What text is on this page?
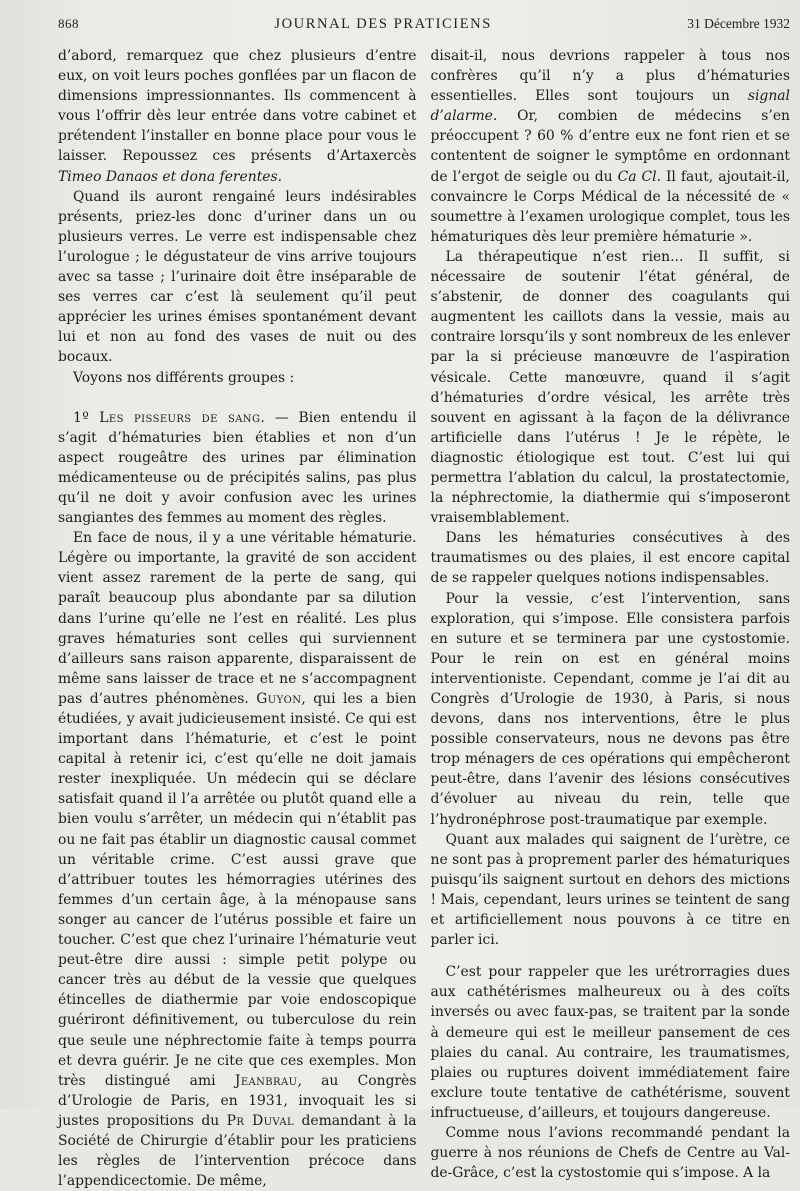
868	JOURNAL DES PRATICIENS	31 Décembre 1932

d’abord, remarquez que chez plusieurs d’entre eux, on voit leurs poches gonflées par un flacon de dimensions impressionnantes. Ils commencent à vous l’offrir dès leur entrée dans votre cabinet et prétendent l’installer en bonne place pour vous le laisser. Repoussez ces présents d’Artaxercès Timeo Danaos et dona ferentes.

Quand ils auront rengainé leurs indésirables présents, priez-les donc d’uriner dans un ou plusieurs verres. Le verre est indispensable chez l’urologue ; le dégustateur de vins arrive toujours avec sa tasse ; l’urinaire doit être inséparable de ses verres car c’est là seulement qu’il peut apprécier les urines émises spontanément devant lui et non au fond des vases de nuit ou des bocaux.

Voyons nos différents groupes :

1º Les pisseurs de sang. — Bien entendu il s’agit d’hématuries bien établies et non d’un aspect rougeâtre des urines par élimination médicamenteuse ou de précipités salins, pas plus qu’il ne doit y avoir confusion avec les urines sangiantes des femmes au moment des règles.

En face de nous, il y a une véritable hématurie. Légère ou importante, la gravité de son accident vient assez rarement de la perte de sang, qui paraît beaucoup plus abondante par sa dilution dans l’urine qu’elle ne l’est en réalité. Les plus graves hématuries sont celles qui surviennent d’ailleurs sans raison apparente, disparaissent de même sans laisser de trace et ne s’accompagnent pas d’autres phénomènes. Guyon, qui les a bien étudiées, y avait judicieusement insisté. Ce qui est important dans l’hématurie, et c’est le point capital à retenir ici, c’est qu’elle ne doit jamais rester inexpliquée. Un médecin qui se déclare satisfait quand il l’a arrêtée ou plutôt quand elle a bien voulu s’arrêter, un médecin qui n’établit pas ou ne fait pas établir un diagnostic causal commet un véritable crime. C’est aussi grave que d’attribuer toutes les hémorragies utérines des femmes d’un certain âge, à la ménopause sans songer au cancer de l’utérus possible et faire un toucher. C’est que chez l’urinaire l’hématurie veut peut-être dire aussi : simple petit polype ou cancer très au début de la vessie que quelques étincelles de diathermie par voie endoscopique guériront définitivement, ou tuberculose du rein que seule une néphrectomie faite à temps pourra et devra guérir. Je ne cite que ces exemples. Mon très distingué ami Jeanbrau, au Congrès d’Urologie de Paris, en 1931, invoquait les si justes propositions du Pr Duval demandant à la Société de Chirurgie d’établir pour les praticiens les règles de l’intervention précoce dans l’appendicectomie. De même,

disait-il, nous devrions rappeler à tous nos confrères qu’il n’y a plus d’hématuries essentielles. Elles sont toujours un signal d’alarme. Or, combien de médecins s’en préoccupent ? 60 % d’entre eux ne font rien et se contentent de soigner le symptôme en ordonnant de l’ergot de seigle ou du Ca Cl. Il faut, ajoutait-il, convaincre le Corps Médical de la nécessité de « soumettre à l’examen urologique complet, tous les hématuriques dès leur première hématurie ».

La thérapeutique n’est rien... Il suffit, si nécessaire de soutenir l’état général, de s’abstenir, de donner des coagulants qui augmentent les caillots dans la vessie, mais au contraire lorsqu’ils y sont nombreux de les enlever par la si précieuse manœuvre de l’aspiration vésicale. Cette manœuvre, quand il s’agit d’hématuries d’ordre vésical, les arrête très souvent en agissant à la façon de la délivrance artificielle dans l’utérus ! Je le répète, le diagnostic étiologique est tout. C’est lui qui permettra l’ablation du calcul, la prostatectomie, la néphrectomie, la diathermie qui s’imposeront vraisemblablement.

Dans les hématuries consécutives à des traumatismes ou des plaies, il est encore capital de se rappeler quelques notions indispensables.

Pour la vessie, c’est l’intervention, sans exploration, qui s’impose. Elle consistera parfois en suture et se terminera par une cystostomie. Pour le rein on est en général moins interventioniste. Cependant, comme je l’ai dit au Congrès d’Urologie de 1930, à Paris, si nous devons, dans nos interventions, être le plus possible conservateurs, nous ne devons pas être trop ménagers de ces opérations qui empêcheront peut-être, dans l’avenir des lésions consécutives d’évoluer au niveau du rein, telle que l’hydronéphrose post-traumatique par exemple.

Quant aux malades qui saignent de l’urètre, ce ne sont pas à proprement parler des hématuriques puisqu’ils saignent surtout en dehors des mictions ! Mais, cependant, leurs urines se teintent de sang et artificiellement nous pouvons à ce titre en parler ici.

C’est pour rappeler que les urétrorragies dues aux cathétérismes malheureux ou à des coïts inversés ou avec faux-pas, se traitent par la sonde à demeure qui est le meilleur pansement de ces plaies du canal. Au contraire, les traumatismes, plaies ou ruptures doivent immédiatement faire exclure toute tentative de cathétérisme, souvent infructueuse, d’ailleurs, et toujours dangereuse.

Comme nous l’avions recommandé pendant la guerre à nos réunions de Chefs de Centre au Val-de-Grâce, c’est la cystostomie qui s’impose. A la
